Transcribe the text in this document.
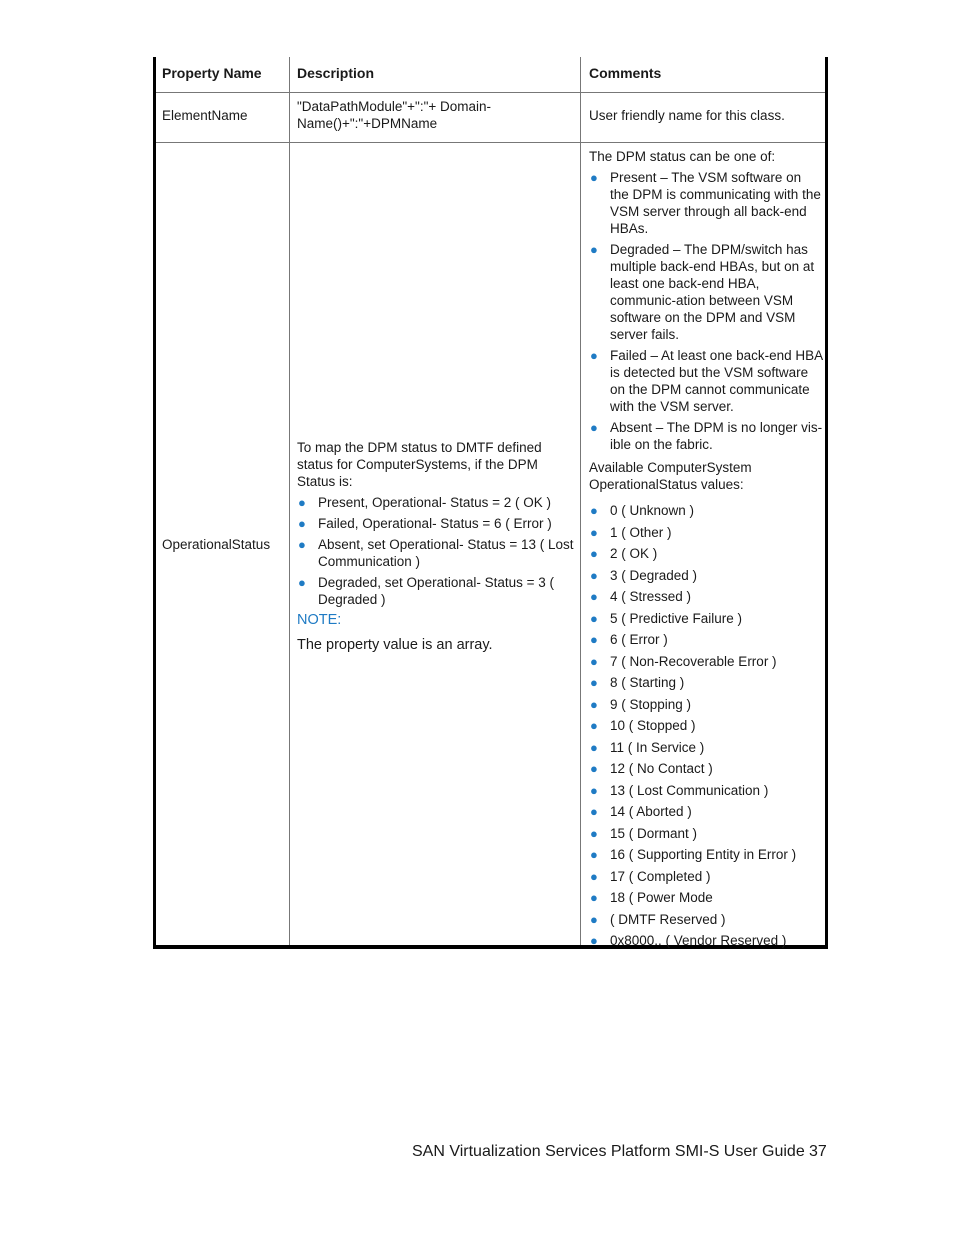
Property Name	Description	Comments
ElementName
"DataPathModule"+":"+ Domain-Name()+":"+DPMName
User friendly name for this class.
OperationalStatus
To map the DPM status to DMTF defined status for ComputerSystems, if the DPM Status is:
● Present, Operational- Status = 2 ( OK )
● Failed, Operational- Status = 6 ( Error )
● Absent, set Operational- Status = 13 ( Lost Communication )
● Degraded, set Operational- Status = 3 ( Degraded )
NOTE:
The property value is an array.
The DPM status can be one of:
● Present – The VSM software on the DPM is communicating with the VSM server through all back-end HBAs.
● Degraded – The DPM/switch has multiple back-end HBAs, but on at least one back-end HBA, communic-ation between VSM software on the DPM and VSM server fails.
● Failed – At least one back-end HBA is detected but the VSM software on the DPM cannot communicate with the VSM server.
● Absent – The DPM is no longer vis-ible on the fabric.
Available ComputerSystem OperationalStatus values:
● 0 ( Unknown )
● 1 ( Other )
● 2 ( OK )
● 3 ( Degraded )
● 4 ( Stressed )
● 5 ( Predictive Failure )
● 6 ( Error )
● 7 ( Non-Recoverable Error )
● 8 ( Starting )
● 9 ( Stopping )
● 10 ( Stopped )
● 11 ( In Service )
● 12 ( No Contact )
● 13 ( Lost Communication )
● 14 ( Aborted )
● 15 ( Dormant )
● 16 ( Supporting Entity in Error )
● 17 ( Completed )
● 18 ( Power Mode
● ( DMTF Reserved )
● 0x8000.. ( Vendor Reserved )
SAN Virtualization Services Platform SMI-S User Guide 37
